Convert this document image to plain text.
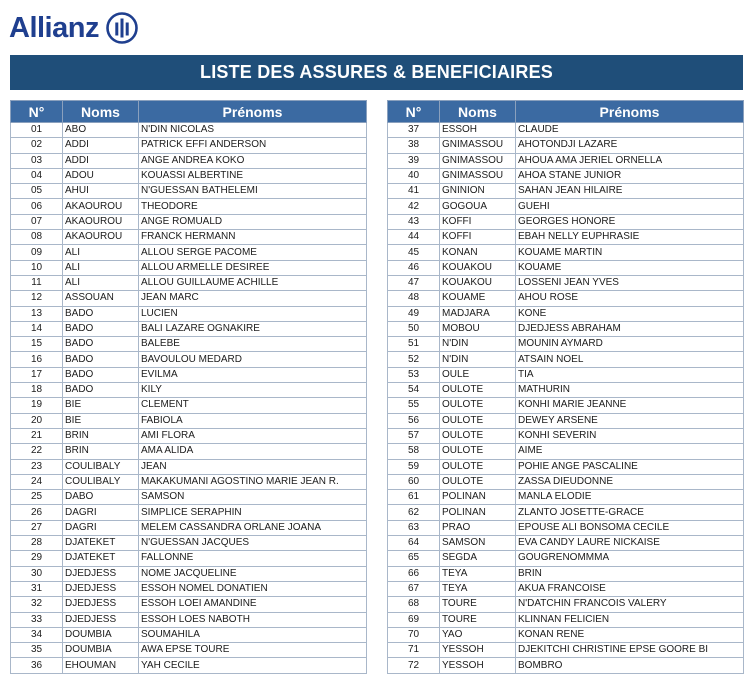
Allianz
LISTE DES ASSURES & BENEFICIAIRES
N°	Noms	Prénoms
01	ABO	N'DIN NICOLAS
02	ADDI	PATRICK EFFI ANDERSON
03	ADDI	ANGE ANDREA KOKO
04	ADOU	KOUASSI ALBERTINE
05	AHUI	N'GUESSAN BATHELEMI
06	AKAOUROU	THEODORE
07	AKAOUROU	ANGE ROMUALD
08	AKAOUROU	FRANCK HERMANN
09	ALI	ALLOU SERGE PACOME
10	ALI	ALLOU ARMELLE DESIREE
11	ALI	ALLOU GUILLAUME ACHILLE
12	ASSOUAN	JEAN MARC
13	BADO	LUCIEN
14	BADO	BALI LAZARE OGNAKIRE
15	BADO	BALEBE
16	BADO	BAVOULOU MEDARD
17	BADO	EVILMA
18	BADO	KILY
19	BIE	CLEMENT
20	BIE	FABIOLA
21	BRIN	AMI FLORA
22	BRIN	AMA ALIDA
23	COULIBALY	JEAN
24	COULIBALY	MAKAKUMANI AGOSTINO MARIE JEAN R.
25	DABO	SAMSON
26	DAGRI	SIMPLICE SERAPHIN
27	DAGRI	MELEM CASSANDRA ORLANE JOANA
28	DJATEKET	N'GUESSAN JACQUES
29	DJATEKET	FALLONNE
30	DJEDJESS	NOME JACQUELINE
31	DJEDJESS	ESSOH NOMEL DONATIEN
32	DJEDJESS	ESSOH LOEI AMANDINE
33	DJEDJESS	ESSOH LOES NABOTH
34	DOUMBIA	SOUMAHILA
35	DOUMBIA	AWA EPSE TOURE
36	EHOUMAN	YAH CECILE
N°	Noms	Prénoms
37	ESSOH	CLAUDE
38	GNIMASSOU	AHOTONDJI LAZARE
39	GNIMASSOU	AHOUA AMA JERIEL ORNELLA
40	GNIMASSOU	AHOA STANE JUNIOR
41	GNINION	SAHAN JEAN HILAIRE
42	GOGOUA	GUEHI
43	KOFFI	GEORGES HONORE
44	KOFFI	EBAH NELLY EUPHRASIE
45	KONAN	KOUAME MARTIN
46	KOUAKOU	KOUAME
47	KOUAKOU	LOSSENI JEAN YVES
48	KOUAME	AHOU ROSE
49	MADJARA	KONE
50	MOBOU	DJEDJESS ABRAHAM
51	N'DIN	MOUNIN AYMARD
52	N'DIN	ATSAIN NOEL
53	OULE	TIA
54	OULOTE	MATHURIN
55	OULOTE	KONHI MARIE JEANNE
56	OULOTE	DEWEY ARSENE
57	OULOTE	KONHI SEVERIN
58	OULOTE	AIME
59	OULOTE	POHIE ANGE PASCALINE
60	OULOTE	ZASSA DIEUDONNE
61	POLINAN	MANLA ELODIE
62	POLINAN	ZLANTO JOSETTE-GRACE
63	PRAO	EPOUSE ALI BONSOMA CECILE
64	SAMSON	EVA CANDY LAURE NICKAISE
65	SEGDA	GOUGRENOMMMA
66	TEYA	BRIN
67	TEYA	AKUA FRANCOISE
68	TOURE	N'DATCHIN FRANCOIS VALERY
69	TOURE	KLINNAN FELICIEN
70	YAO	KONAN RENE
71	YESSOH	DJEKITCHI CHRISTINE EPSE GOORE BI
72	YESSOH	BOMBRO
